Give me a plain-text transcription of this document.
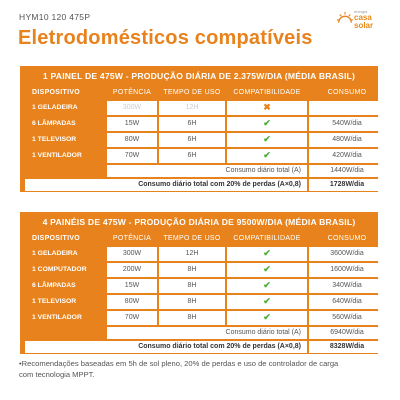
HYM10 120 475P
energia
casa
solar
Eletrodomésticos compatíveis
1 PAINEL DE 475W - PRODUÇÃO DIÁRIA DE 2.375W/DIA (MÉDIA BRASIL)
DISPOSITIVO	POTÊNCIA	TEMPO DE USO	COMPATIBILIDADE	CONSUMO
1 GELADEIRA	300W	12H	✖	
6 LÂMPADAS	15W	6H	✔	540W/dia
1 TELEVISOR	80W	6H	✔	480W/dia
1 VENTILADOR	70W	6H	✔	420W/dia
	Consumo diário total (A)			1440W/dia
Consumo diário total com 20% de perdas (A×0,8)				1728W/dia
4 PAINÉIS DE 475W - PRODUÇÃO DIÁRIA DE 9500W/DIA (MÉDIA BRASIL)
DISPOSITIVO	POTÊNCIA	TEMPO DE USO	COMPATIBILIDADE	CONSUMO
1 GELADEIRA	300W	12H	✔	3600W/dia
1 COMPUTADOR	200W	8H	✔	1600W/dia
6 LÂMPADAS	15W	8H	✔	340W/dia
1 TELEVISOR	80W	8H	✔	640W/dia
1 VENTILADOR	70W	8H	✔	560W/dia
	Consumo diário total (A)			6940W/dia
Consumo diário total com 20% de perdas (A×0,8)				8328W/dia
•Recomendações baseadas em 5h de sol pleno, 20% de perdas e uso de controlador de carga com tecnologia MPPT.
